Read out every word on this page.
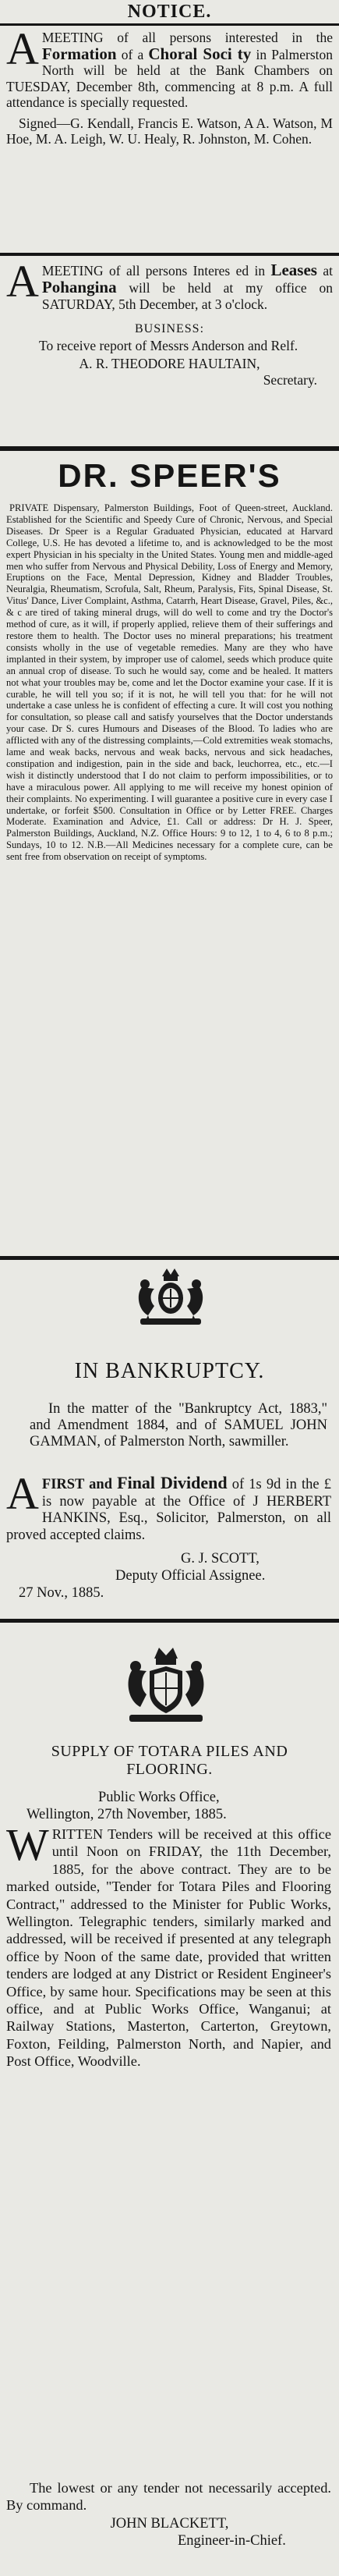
NOTICE.

A MEETING of all persons interested in the Formation of a Choral Soci ty in Palmerston North will be held at the Bank Chambers on TUESDAY, December 8th, commencing at 8 p.m. A full attendance is specially requested.

Signed—G. Kendall, Francis E. Watson, A A. Watson, M Hoe, M. A. Leigh, W. U. Healy, R. Johnston, M. Cohen.

A MEETING of all persons Interes ed in Leases at Pohangina will be held at my office on SATURDAY, 5th December, at 3 o'clock.

BUSINESS:

To receive report of Messrs Anderson and Relf.

A. R. THEODORE HAULTAIN,

Secretary.

DR. SPEER'S

PRIVATE Dispensary, Palmerston Buildings, Foot of Queen-street, Auckland. Established for the Scientific and Speedy Cure of Chronic, Nervous, and Special Diseases. Dr Speer is a Regular Graduated Physician, educated at Harvard College, U.S. He has devoted a lifetime to, and is acknowledged to be the most expert Physician in his specialty in the United States. Young men and middle-aged men who suffer from Nervous and Physical Debility, Loss of Energy and Memory, Eruptions on the Face, Mental Depression, Kidney and Bladder Troubles, Neuralgia, Rheumatism, Scrofula, Salt, Rheum, Paralysis, Fits, Spinal Disease, St. Vitus' Dance, Liver Complaint, Asthma, Catarrh, Heart Disease, Gravel, Piles, &c., & c are tired of taking mineral drugs, will do well to come and try the Doctor's method of cure, as it will, if properly applied, relieve them of their sufferings and restore them to health. The Doctor uses no mineral preparations; his treatment consists wholly in the use of vegetable remedies. Many are they who have implanted in their system, by improper use of calomel, seeds which produce quite an annual crop of disease. To such he would say, come and be healed. It matters not what your troubles may be, come and let the Doctor examine your case. If it is curable, he will tell you so; if it is not, he will tell you that: for he will not undertake a case unless he is confident of effecting a cure. It will cost you nothing for consultation, so please call and satisfy yourselves that the Doctor understands your case. Dr S. cures Humours and Diseases of the Blood. To ladies who are afflicted with any of the distressing complaints,—Cold extremities weak stomachs, lame and weak backs, nervous and weak backs, nervous and sick headaches, constipation and indigestion, pain in the side and back, leuchorrea, etc., etc.—I wish it distinctly understood that I do not claim to perform impossibilities, or to have a miraculous power. All applying to me will receive my honest opinion of their complaints. No experimenting. I will guarantee a positive cure in every case I undertake, or forfeit $500. Consultation in Office or by Letter FREE. Charges Moderate. Examination and Advice, £1. Call or address: Dr H. J. Speer, Palmerston Buildings, Auckland, N.Z. Office Hours: 9 to 12, 1 to 4, 6 to 8 p.m.; Sundays, 10 to 12. N.B.—All Medicines necessary for a complete cure, can be sent free from observation on receipt of symptoms.

IN BANKRUPTCY.

In the matter of the "Bankruptcy Act, 1883," and Amendment 1884, and of SAMUEL JOHN GAMMAN, of Palmerston North, sawmiller.

A FIRST and Final Dividend of 1s 9d in the £ is now payable at the Office of J HERBERT HANKINS, Esq., Solicitor, Palmerston, on all proved accepted claims.

G. J. SCOTT,

Deputy Official Assignee.

27 Nov., 1885.

SUPPLY OF TOTARA PILES AND FLOORING.

Public Works Office,

Wellington, 27th November, 1885.

W RITTEN Tenders will be received at this office until Noon on FRIDAY, the 11th December, 1885, for the above contract. They are to be marked outside, "Tender for Totara Piles and Flooring Contract," addressed to the Minister for Public Works, Wellington. Telegraphic tenders, similarly marked and addressed, will be received if presented at any telegraph office by Noon of the same date, provided that written tenders are lodged at any District or Resident Engineer's Office, by same hour. Specifications may be seen at this office, and at Public Works Office, Wanganui; at Railway Stations, Masterton, Carterton, Greytown, Foxton, Feilding, Palmerston North, and Napier, and Post Office, Woodville.

The lowest or any tender not necessarily accepted. By command.

JOHN BLACKETT,

Engineer-in-Chief.
